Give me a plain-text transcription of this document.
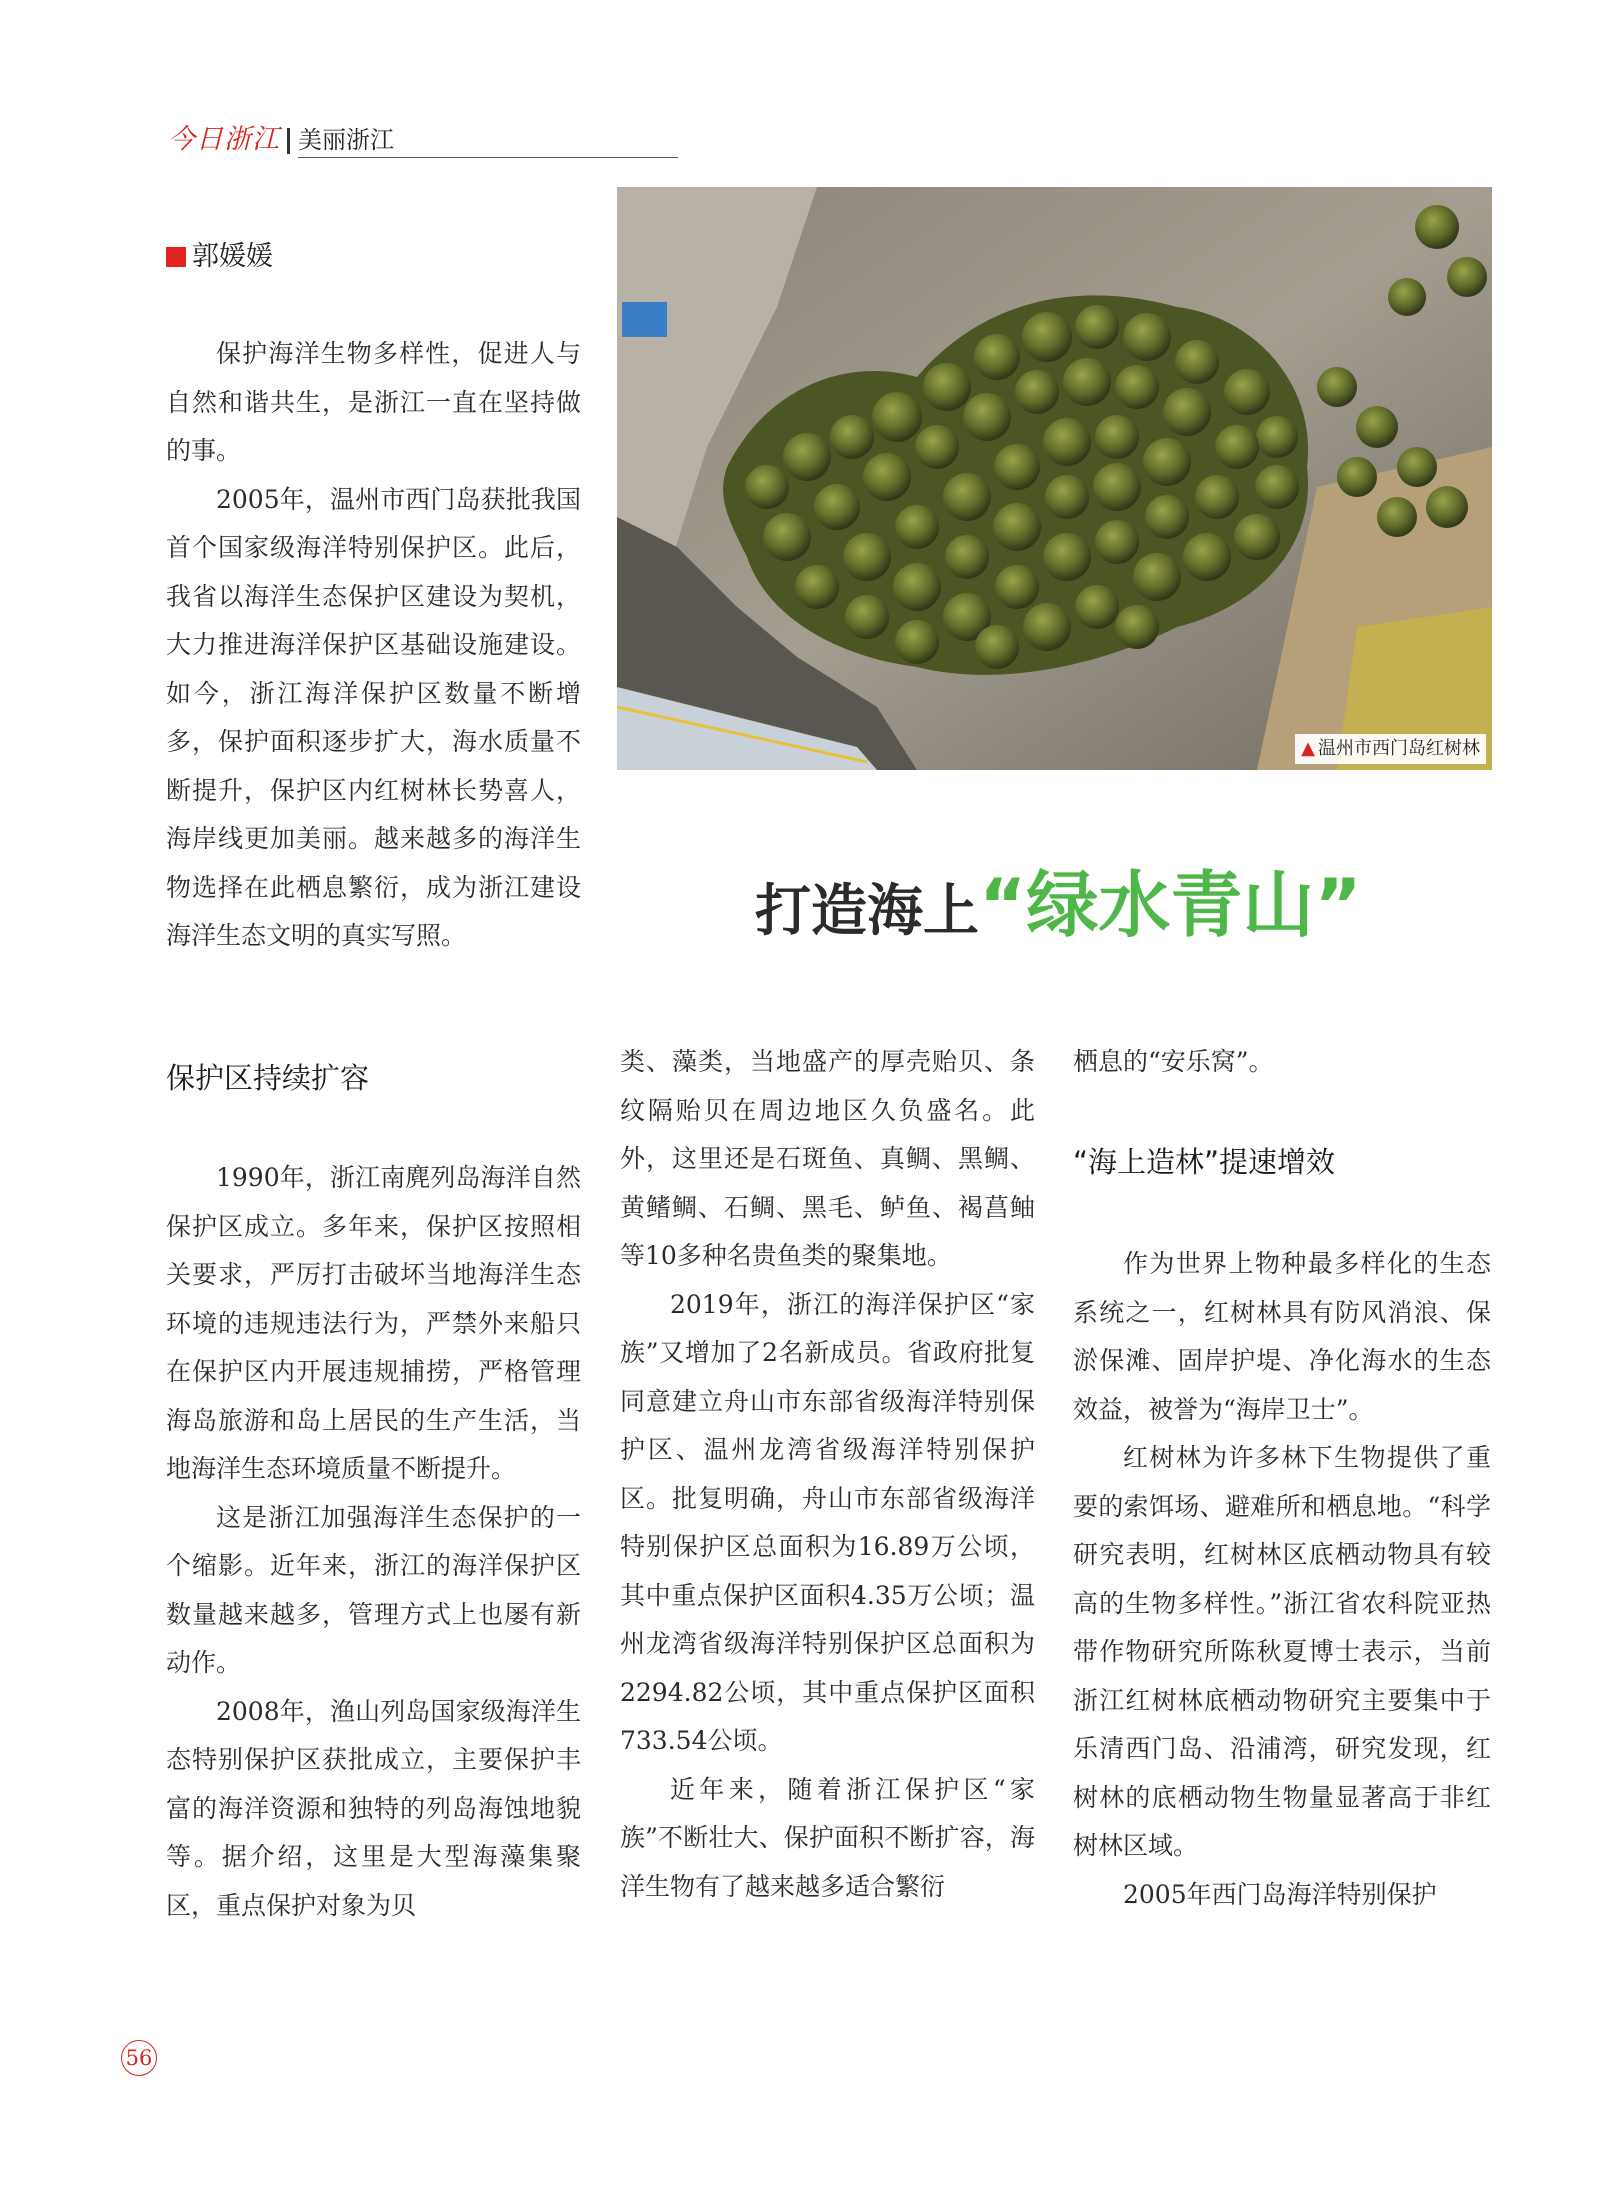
今日浙江 美丽浙江
郭媛媛
▲ 温州市西门岛红树林
打造海上“绿水青山”

保护海洋生物多样性，促进人与自然和谐共生，是浙江一直在坚持做的事。

2005年，温州市西门岛获批我国首个国家级海洋特别保护区。此后，我省以海洋生态保护区建设为契机，大力推进海洋保护区基础设施建设。如今，浙江海洋保护区数量不断增多，保护面积逐步扩大，海水质量不断提升，保护区内红树林长势喜人，海岸线更加美丽。越来越多的海洋生物选择在此栖息繁衍，成为浙江建设海洋生态文明的真实写照。

保护区持续扩容

1990年，浙江南麂列岛海洋自然保护区成立。多年来，保护区按照相关要求，严厉打击破坏当地海洋生态环境的违规违法行为，严禁外来船只在保护区内开展违规捕捞，严格管理海岛旅游和岛上居民的生产生活，当地海洋生态环境质量不断提升。

这是浙江加强海洋生态保护的一个缩影。近年来，浙江的海洋保护区数量越来越多，管理方式上也屡有新动作。

2008年，渔山列岛国家级海洋生态特别保护区获批成立，主要保护丰富的海洋资源和独特的列岛海蚀地貌等。据介绍，这里是大型海藻集聚区，重点保护对象为贝

类、藻类，当地盛产的厚壳贻贝、条纹隔贻贝在周边地区久负盛名。此外，这里还是石斑鱼、真鲷、黑鲷、黄鳍鲷、石鲷、黑毛、鲈鱼、褐菖鲉等10多种名贵鱼类的聚集地。

2019年，浙江的海洋保护区“家族”又增加了2名新成员。省政府批复同意建立舟山市东部省级海洋特别保护区、温州龙湾省级海洋特别保护区。批复明确，舟山市东部省级海洋特别保护区总面积为16.89万公顷，其中重点保护区面积4.35万公顷；温州龙湾省级海洋特别保护区总面积为2294.82公顷，其中重点保护区面积733.54公顷。

近年来，随着浙江保护区“家族”不断壮大、保护面积不断扩容，海洋生物有了越来越多适合繁衍

栖息的“安乐窝”。

“海上造林”提速增效

作为世界上物种最多样化的生态系统之一，红树林具有防风消浪、保淤保滩、固岸护堤、净化海水的生态效益，被誉为“海岸卫士”。

红树林为许多林下生物提供了重要的索饵场、避难所和栖息地。“科学研究表明，红树林区底栖动物具有较高的生物多样性。”浙江省农科院亚热带作物研究所陈秋夏博士表示，当前浙江红树林底栖动物研究主要集中于乐清西门岛、沿浦湾，研究发现，红树林的底栖动物生物量显著高于非红树林区域。

2005年西门岛海洋特别保护

56
